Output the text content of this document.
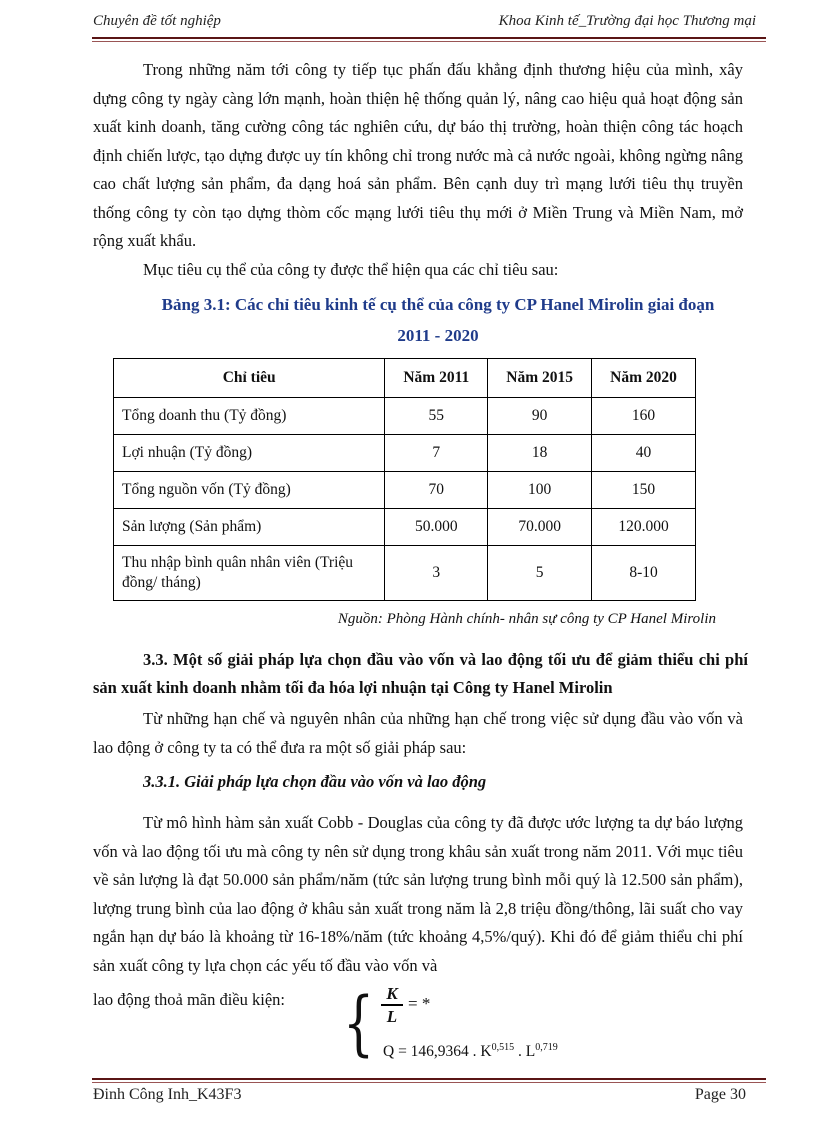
Chuyên đề tốt nghiệp	Khoa Kinh tế_Trường đại học Thương mại

Trong những năm tới công ty tiếp tục phấn đấu khẳng định thương hiệu của mình, xây dựng công ty ngày càng lớn mạnh, hoàn thiện hệ thống quản lý, nâng cao hiệu quả hoạt động sản xuất kinh doanh, tăng cường công tác nghiên cứu, dự báo thị trường, hoàn thiện công tác hoạch định chiến lược, tạo dựng được uy tín không chỉ trong nước mà cả nước ngoài, không ngừng nâng cao chất lượng sản phẩm, đa dạng hoá sản phẩm. Bên cạnh duy trì mạng lưới tiêu thụ truyền thống công ty còn tạo dựng thòm cốc mạng lưới tiêu thụ mới ở Miền Trung và Miền Nam, mở rộng xuất khẩu.

Mục tiêu cụ thể của công ty được thể hiện qua các chỉ tiêu sau:

Bảng 3.1: Các chỉ tiêu kinh tế cụ thể của công ty CP Hanel Mirolin giai đoạn
2011 - 2020
Chỉ tiêu	Năm 2011	Năm 2015	Năm 2020
Tổng doanh thu (Tỷ đồng)	55	90	160
Lợi nhuận (Tỷ đồng)	7	18	40
Tổng nguồn vốn (Tỷ đồng)	70	100	150
Sản lượng (Sản phẩm)	50.000	70.000	120.000
Thu nhập bình quân nhân viên (Triệu đồng/ tháng)	3	5	8-10
Nguồn: Phòng Hành chính- nhân sự công ty CP Hanel Mirolin

3.3. Một số giải pháp lựa chọn đầu vào vốn và lao động tối ưu để giảm thiểu chi phí sản xuất kinh doanh nhằm tối đa hóa lợi nhuận tại Công ty Hanel Mirolin

Từ những hạn chế và nguyên nhân của những hạn chế trong việc sử dụng đầu vào vốn và lao động ở công ty ta có thể đưa ra một số giải pháp sau:

3.3.1. Giải pháp lựa chọn đầu vào vốn và lao động

Từ mô hình hàm sản xuất Cobb - Douglas của công ty đã được ước lượng ta dự báo lượng vốn và lao động tối ưu mà công ty nên sử dụng trong khâu sản xuất trong năm 2011. Với mục tiêu về sản lượng là đạt 50.000 sản phẩm/năm (tức sản lượng trung bình mỗi quý là 12.500 sản phẩm), lượng trung bình của lao động ở khâu sản xuất trong năm là 2,8 triệu đồng/thông, lãi suất cho vay ngắn hạn dự báo là khoảng từ 16-18%/năm (tức khoảng 4,5%/quý). Khi đó để giảm thiểu chi phí sản xuất công ty lựa chọn các yếu tố đầu vào vốn và

lao động thoả mãn điều kiện: { $\frac{K}{L}$ = *
Q = 146,9364 . K$^{0,515}$ . L$^{0,719}$
Đinh Công Inh_K43F3	Page 30
